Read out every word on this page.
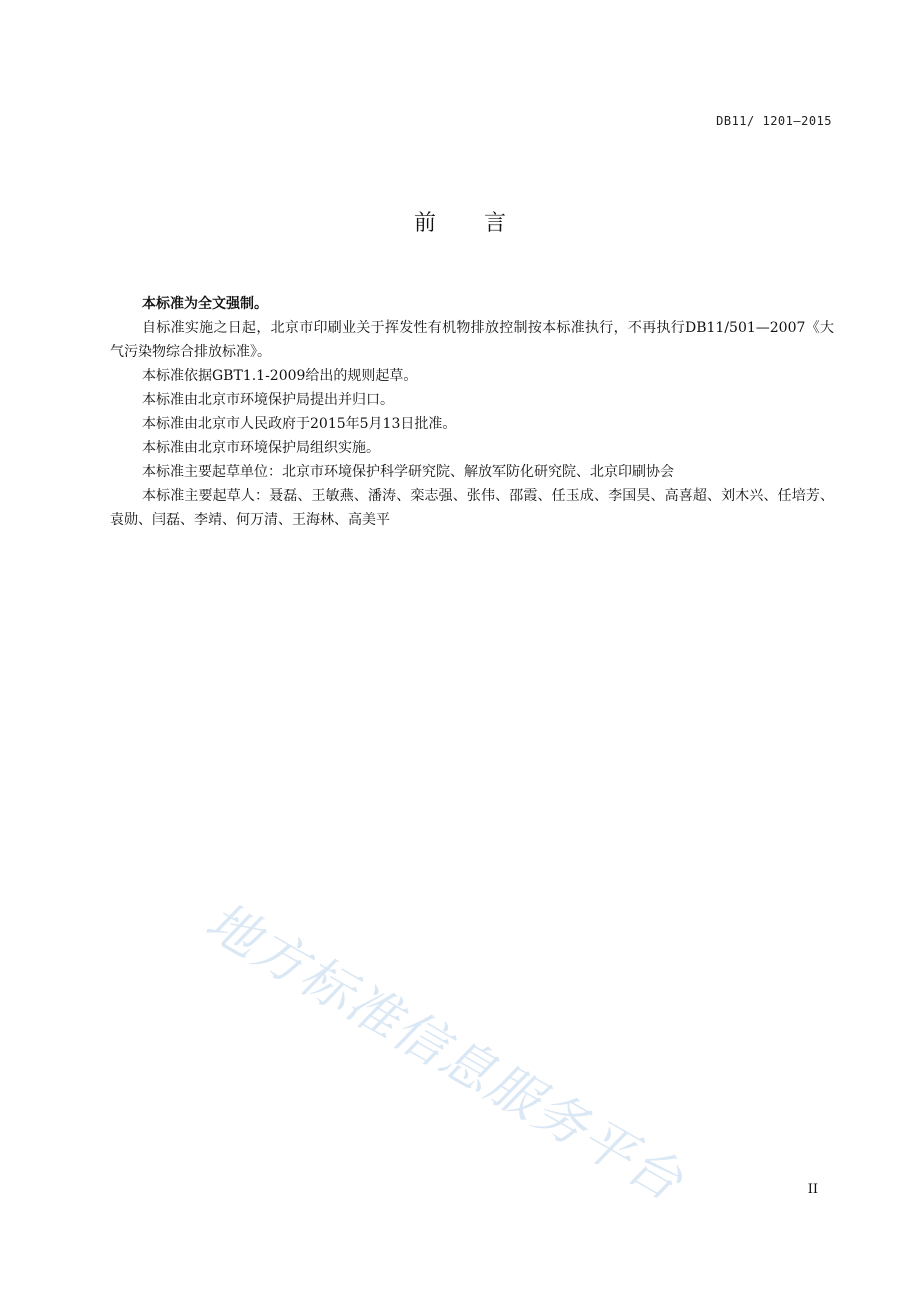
DB11/ 1201—2015
前言

本标准为全文强制。

自标准实施之日起，北京市印刷业关于挥发性有机物排放控制按本标准执行，不再执行DB11/501—2007《大气污染物综合排放标准》。

本标准依据GBT1.1-2009给出的规则起草。

本标准由北京市环境保护局提出并归口。

本标准由北京市人民政府于2015年5月13日批准。

本标准由北京市环境保护局组织实施。

本标准主要起草单位：北京市环境保护科学研究院、解放军防化研究院、北京印刷协会

本标准主要起草人：聂磊、王敏燕、潘涛、栾志强、张伟、邵霞、任玉成、李国昊、高喜超、刘木兴、任培芳、袁勋、闫磊、李靖、何万清、王海林、高美平

地方标准信息服务平台	II
